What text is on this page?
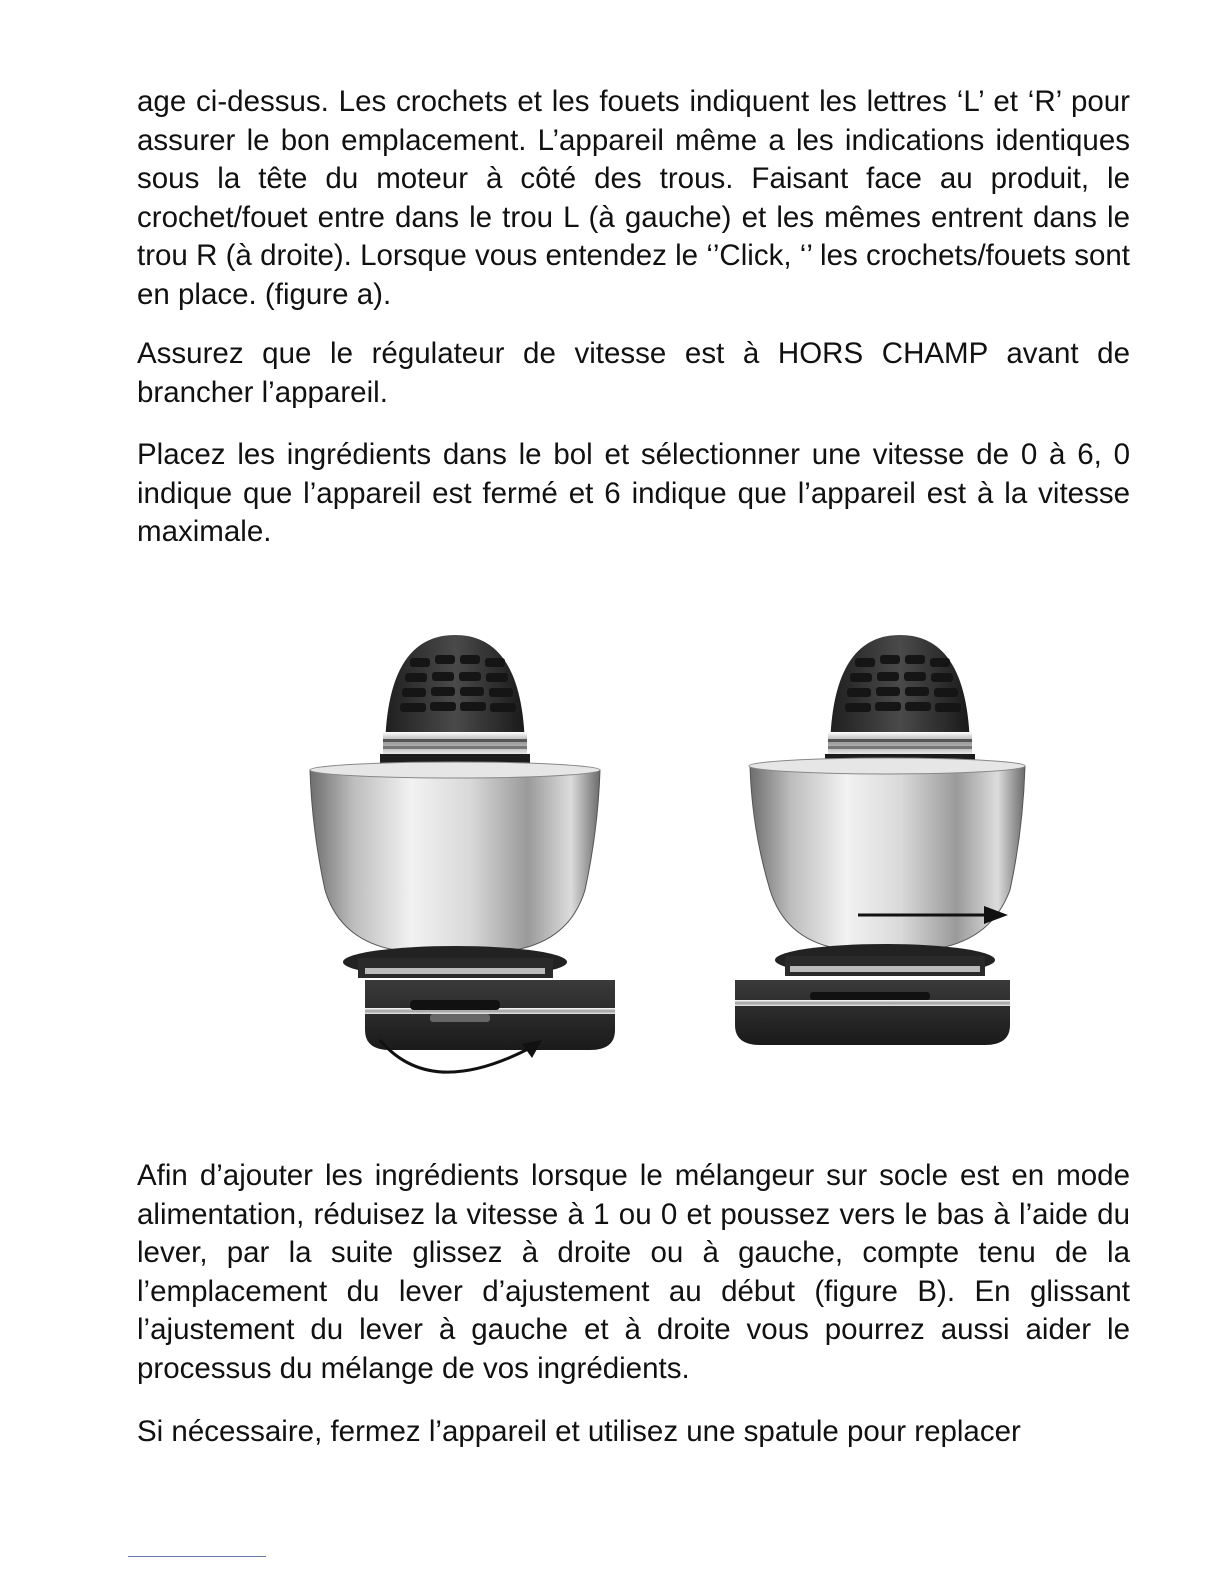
age ci-dessus. Les crochets et les fouets indiquent les lettres ‘L’ et ‘R’ pour assurer le bon emplacement. L’appareil même a les indications identiques sous la tête du moteur à côté des trous. Faisant face au produit, le crochet/fouet entre dans le trou L (à gauche) et les mêmes entrent dans le trou R (à droite). Lorsque vous entendez le ‘’Click, ‘’ les crochets/fouets sont en place. (figure a).

Assurez que le régulateur de vitesse est à HORS CHAMP avant de brancher l’appareil.

Placez les ingrédients dans le bol et sélectionner une vitesse de 0 à 6, 0 indique que l’appareil est fermé et 6 indique que l’appareil est à la vitesse maximale.

Afin d’ajouter les ingrédients lorsque le mélangeur sur socle est en mode alimentation, réduisez la vitesse à 1 ou 0 et poussez vers le bas à l’aide du lever, par la suite glissez à droite ou à gauche, compte tenu de la l’emplacement du lever d’ajustement au début (figure B). En glissant l’ajustement du lever à gauche et à droite vous pourrez aussi aider le processus du mélange de vos ingrédients.

Si nécessaire, fermez l’appareil et utilisez une spatule pour replacer
